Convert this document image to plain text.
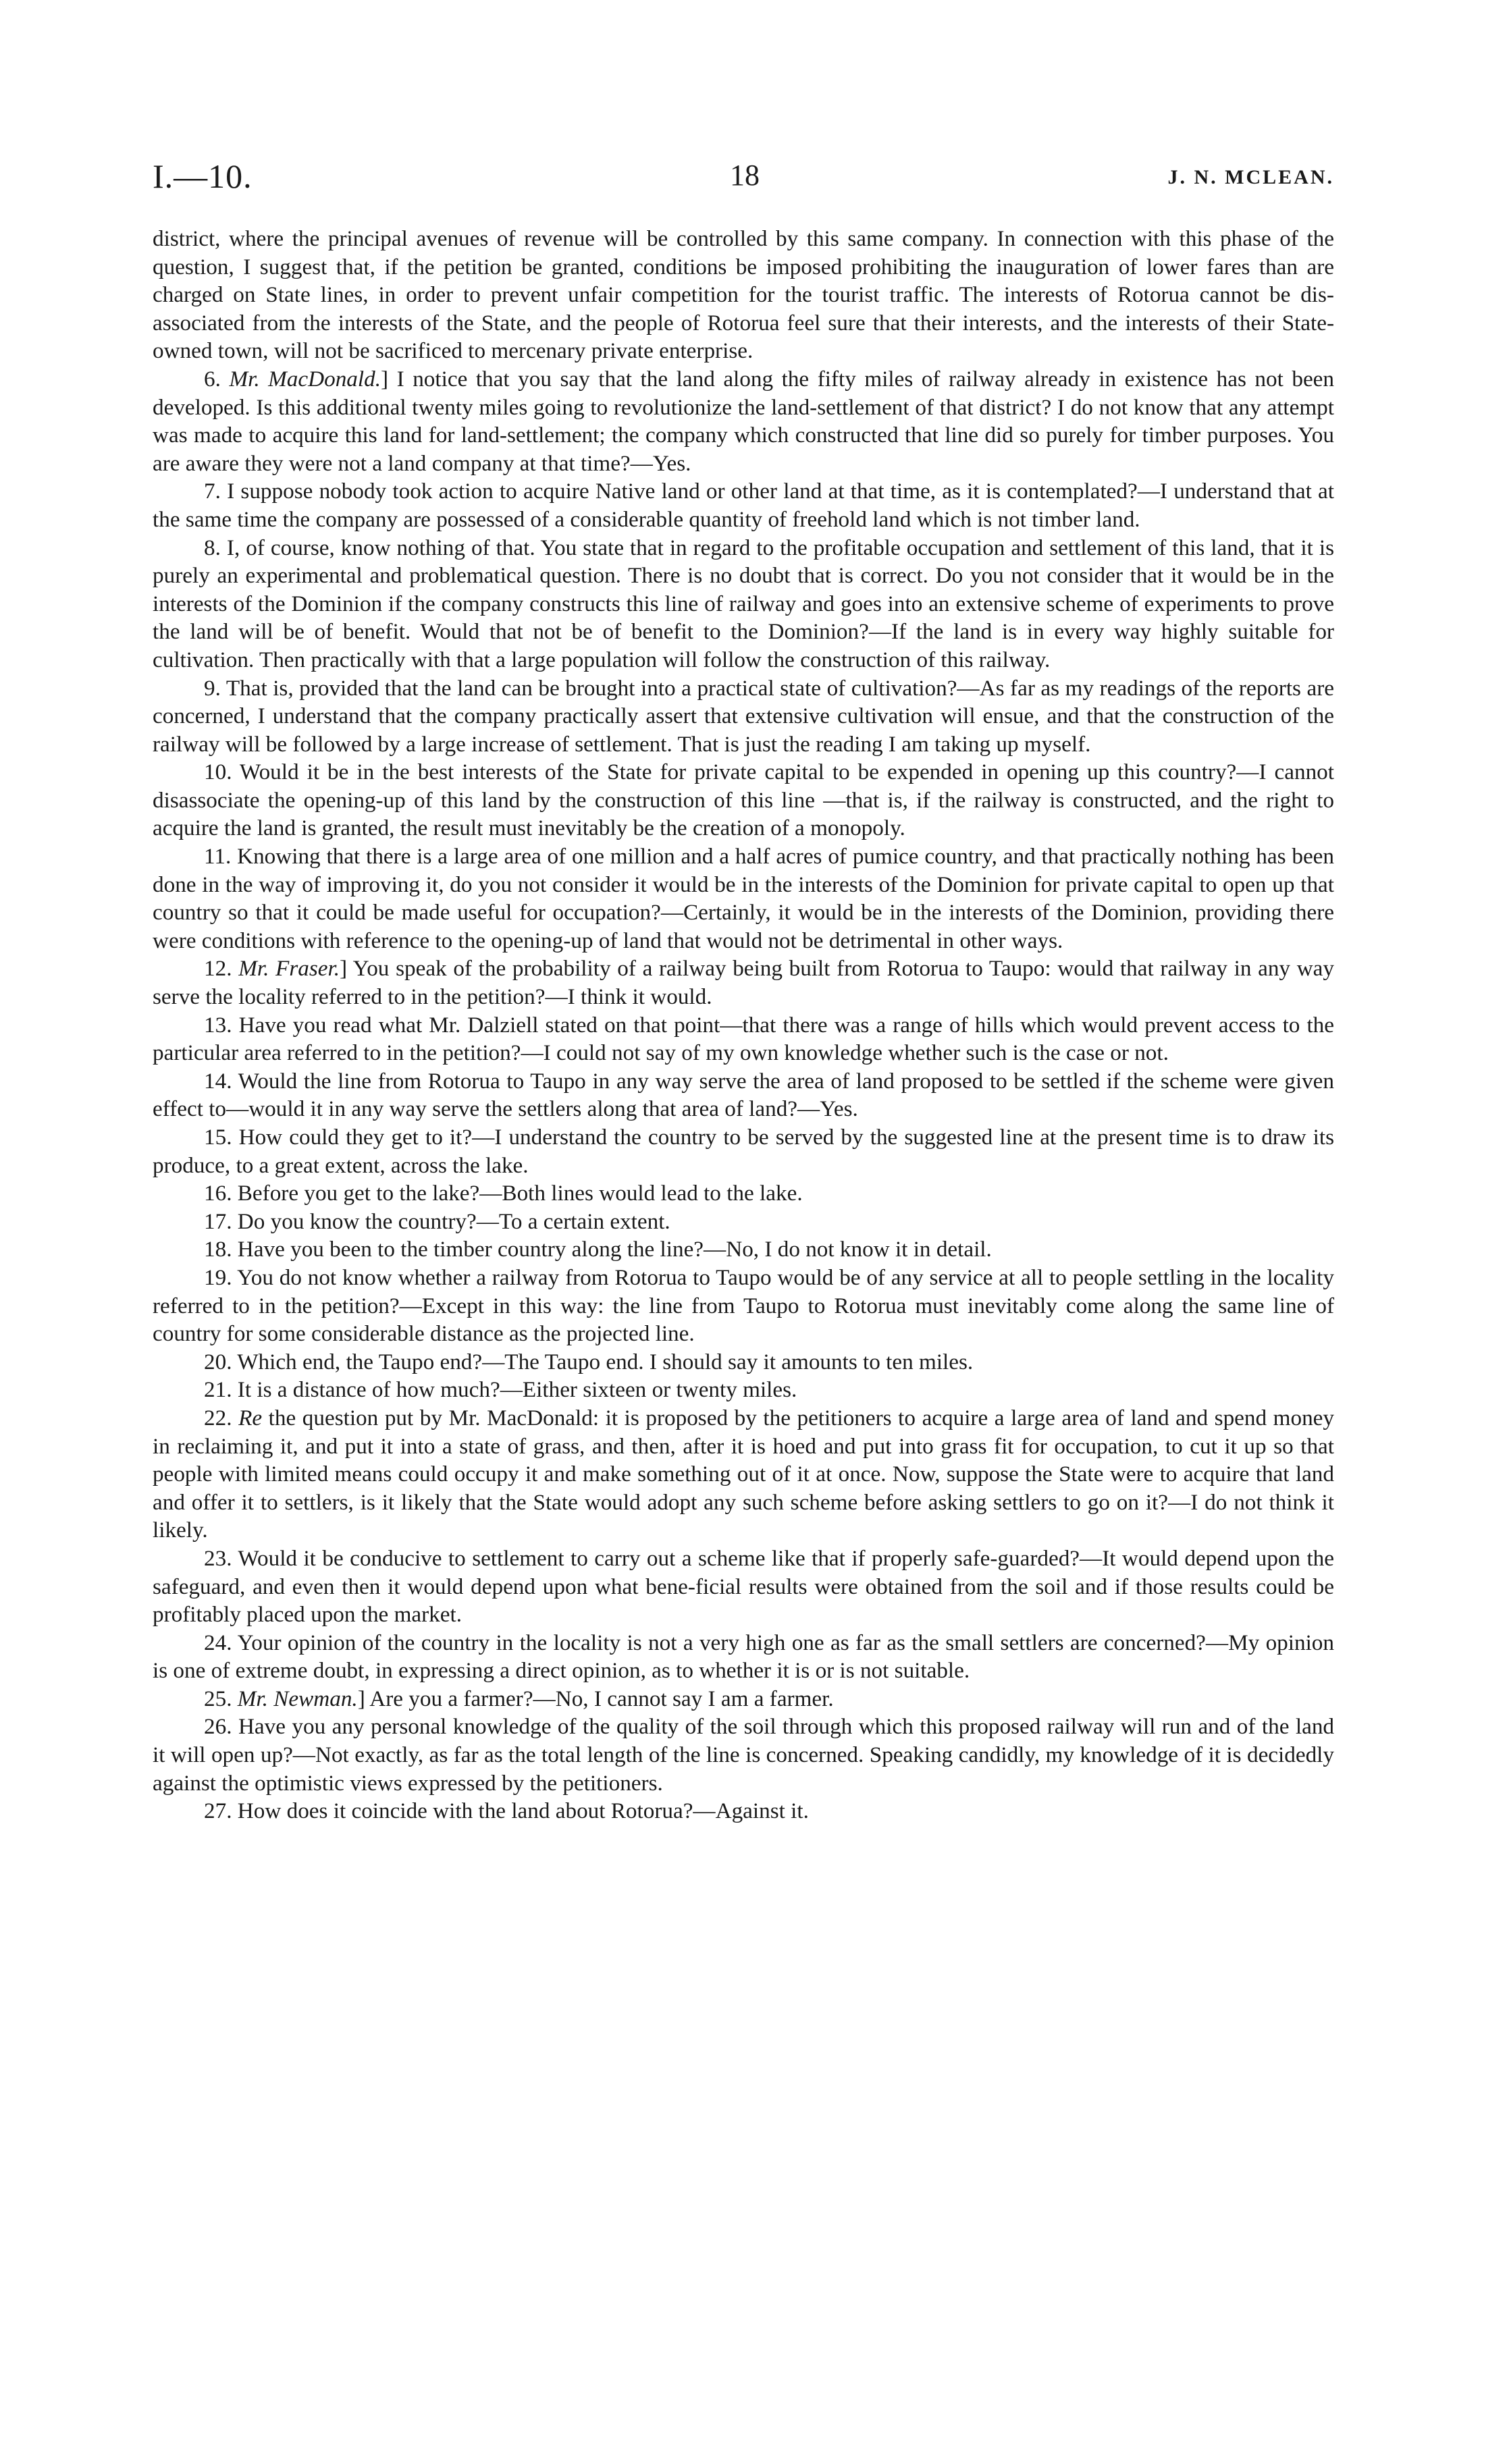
I.—10.	18	J. N. MCLEAN.

district, where the principal avenues of revenue will be controlled by this same company. In connection with this phase of the question, I suggest that, if the petition be granted, conditions be imposed prohibiting the inauguration of lower fares than are charged on State lines, in order to prevent unfair competition for the tourist traffic. The interests of Rotorua cannot be dis-associated from the interests of the State, and the people of Rotorua feel sure that their interests, and the interests of their State-owned town, will not be sacrificed to mercenary private enterprise.

6. Mr. MacDonald.] I notice that you say that the land along the fifty miles of railway already in existence has not been developed. Is this additional twenty miles going to revolutionize the land-settlement of that district? I do not know that any attempt was made to acquire this land for land-settlement; the company which constructed that line did so purely for timber purposes. You are aware they were not a land company at that time?—Yes.

7. I suppose nobody took action to acquire Native land or other land at that time, as it is contemplated?—I understand that at the same time the company are possessed of a considerable quantity of freehold land which is not timber land.

8. I, of course, know nothing of that. You state that in regard to the profitable occupation and settlement of this land, that it is purely an experimental and problematical question. There is no doubt that is correct. Do you not consider that it would be in the interests of the Dominion if the company constructs this line of railway and goes into an extensive scheme of experiments to prove the land will be of benefit. Would that not be of benefit to the Dominion?—If the land is in every way highly suitable for cultivation. Then practically with that a large population will follow the construction of this railway.

9. That is, provided that the land can be brought into a practical state of cultivation?—As far as my readings of the reports are concerned, I understand that the company practically assert that extensive cultivation will ensue, and that the construction of the railway will be followed by a large increase of settlement. That is just the reading I am taking up myself.

10. Would it be in the best interests of the State for private capital to be expended in opening up this country?—I cannot disassociate the opening-up of this land by the construction of this line —that is, if the railway is constructed, and the right to acquire the land is granted, the result must inevitably be the creation of a monopoly.

11. Knowing that there is a large area of one million and a half acres of pumice country, and that practically nothing has been done in the way of improving it, do you not consider it would be in the interests of the Dominion for private capital to open up that country so that it could be made useful for occupation?—Certainly, it would be in the interests of the Dominion, providing there were conditions with reference to the opening-up of land that would not be detrimental in other ways.

12. Mr. Fraser.] You speak of the probability of a railway being built from Rotorua to Taupo: would that railway in any way serve the locality referred to in the petition?—I think it would.

13. Have you read what Mr. Dalziell stated on that point—that there was a range of hills which would prevent access to the particular area referred to in the petition?—I could not say of my own knowledge whether such is the case or not.

14. Would the line from Rotorua to Taupo in any way serve the area of land proposed to be settled if the scheme were given effect to—would it in any way serve the settlers along that area of land?—Yes.

15. How could they get to it?—I understand the country to be served by the suggested line at the present time is to draw its produce, to a great extent, across the lake.

16. Before you get to the lake?—Both lines would lead to the lake.

17. Do you know the country?—To a certain extent.

18. Have you been to the timber country along the line?—No, I do not know it in detail.

19. You do not know whether a railway from Rotorua to Taupo would be of any service at all to people settling in the locality referred to in the petition?—Except in this way: the line from Taupo to Rotorua must inevitably come along the same line of country for some considerable distance as the projected line.

20. Which end, the Taupo end?—The Taupo end. I should say it amounts to ten miles.

21. It is a distance of how much?—Either sixteen or twenty miles.

22. Re the question put by Mr. MacDonald: it is proposed by the petitioners to acquire a large area of land and spend money in reclaiming it, and put it into a state of grass, and then, after it is hoed and put into grass fit for occupation, to cut it up so that people with limited means could occupy it and make something out of it at once. Now, suppose the State were to acquire that land and offer it to settlers, is it likely that the State would adopt any such scheme before asking settlers to go on it?—I do not think it likely.

23. Would it be conducive to settlement to carry out a scheme like that if properly safe-guarded?—It would depend upon the safeguard, and even then it would depend upon what bene-ficial results were obtained from the soil and if those results could be profitably placed upon the market.

24. Your opinion of the country in the locality is not a very high one as far as the small settlers are concerned?—My opinion is one of extreme doubt, in expressing a direct opinion, as to whether it is or is not suitable.

25. Mr. Newman.] Are you a farmer?—No, I cannot say I am a farmer.

26. Have you any personal knowledge of the quality of the soil through which this proposed railway will run and of the land it will open up?—Not exactly, as far as the total length of the line is concerned. Speaking candidly, my knowledge of it is decidedly against the optimistic views expressed by the petitioners.

27. How does it coincide with the land about Rotorua?—Against it.
